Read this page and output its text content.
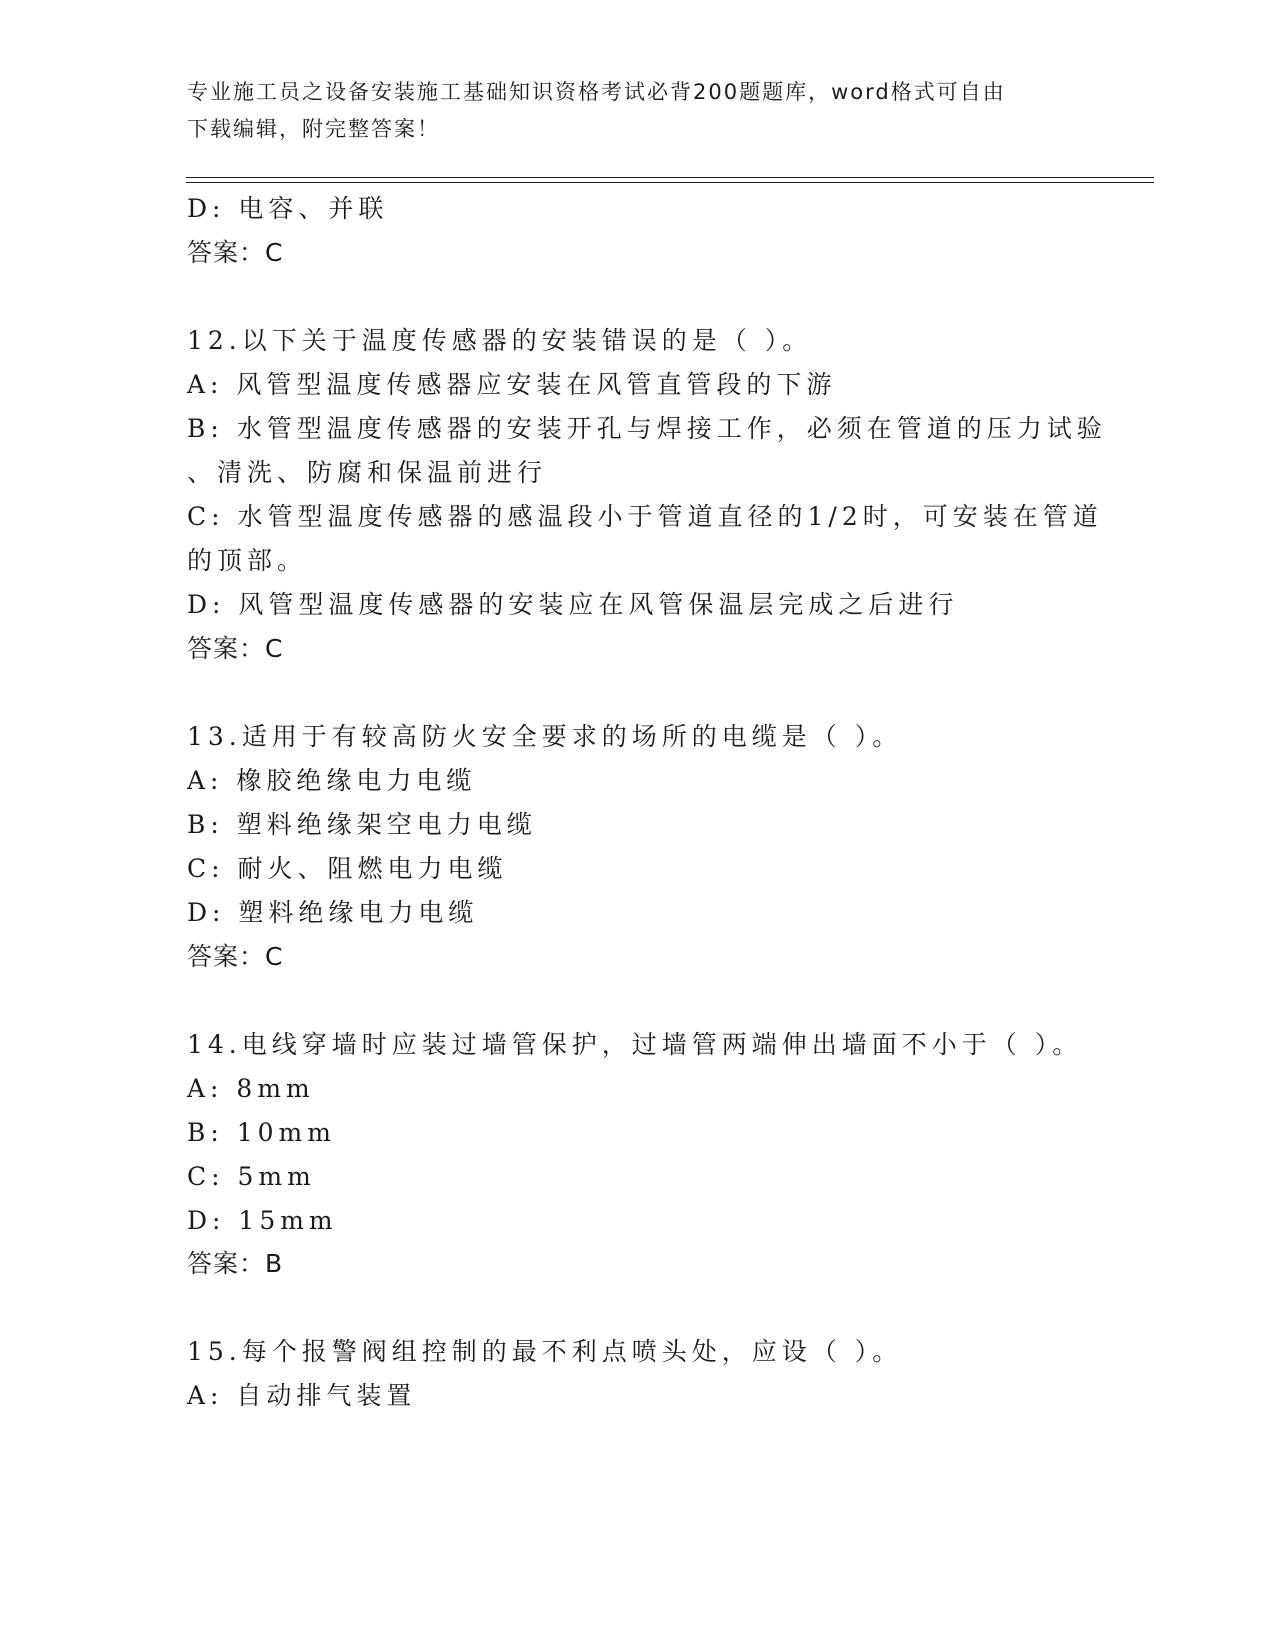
专业施工员之设备安装施工基础知识资格考试必背200题题库，word格式可自由
下载编辑，附完整答案！
D: 电容、并联
答案：C
12.以下关于温度传感器的安装错误的是（ ）。
A: 风管型温度传感器应安装在风管直管段的下游
B: 水管型温度传感器的安装开孔与焊接工作，必须在管道的压力试验
、清洗、防腐和保温前进行
C: 水管型温度传感器的感温段小于管道直径的1/2时，可安装在管道
的顶部。
D: 风管型温度传感器的安装应在风管保温层完成之后进行
答案：C
13.适用于有较高防火安全要求的场所的电缆是（ ）。
A: 橡胶绝缘电力电缆
B: 塑料绝缘架空电力电缆
C: 耐火、阻燃电力电缆
D: 塑料绝缘电力电缆
答案：C
14.电线穿墙时应装过墙管保护，过墙管两端伸出墙面不小于（ ）。
A: 8mm
B: 10mm
C: 5mm
D: 15mm
答案：B
15.每个报警阀组控制的最不利点喷头处，应设（ ）。
A: 自动排气装置
